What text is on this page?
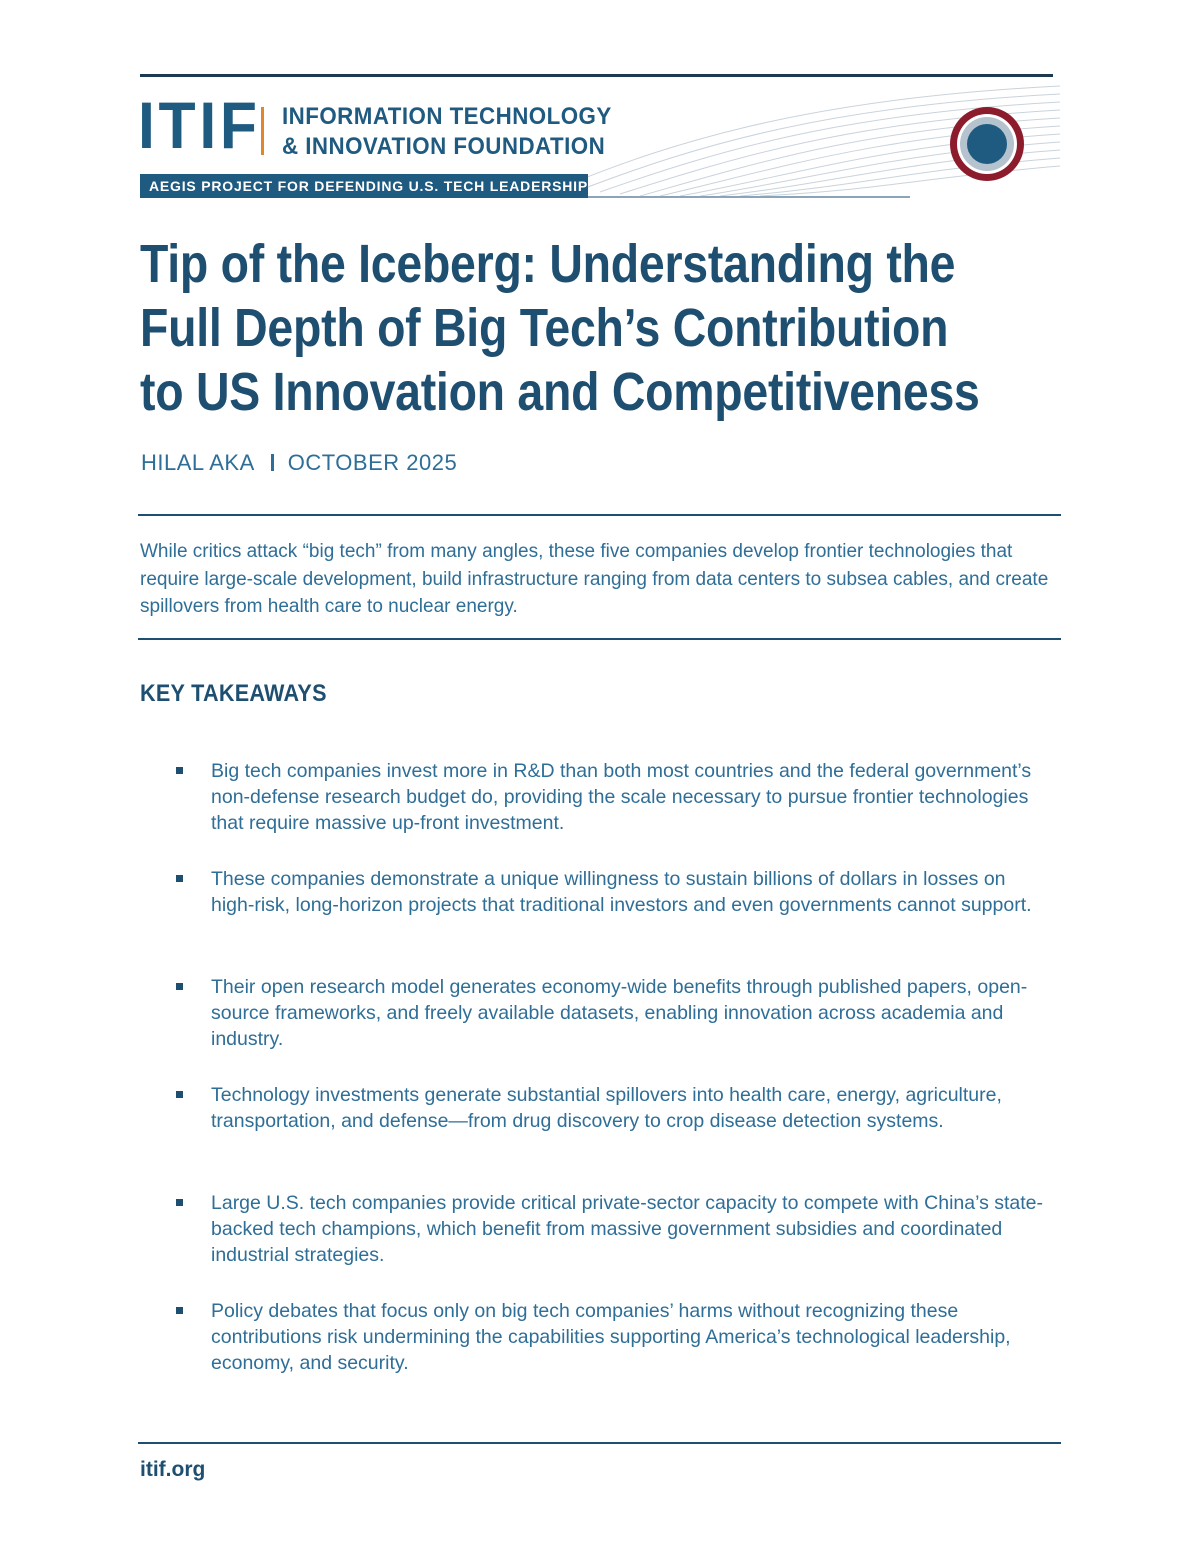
ITIF INFORMATION TECHNOLOGY
& INNOVATION FOUNDATION
AEGIS PROJECT FOR DEFENDING U.S. TECH LEADERSHIP
Tip of the Iceberg: Understanding the Full Depth of Big Tech’s Contribution to US Innovation and Competitiveness
HILAL AKA OCTOBER 2025

While critics attack “big tech” from many angles, these five companies develop frontier technologies that require large-scale development, build infrastructure ranging from data centers to subsea cables, and create spillovers from health care to nuclear energy.

KEY TAKEAWAYS
Big tech companies invest more in R&D than both most countries and the federal government’s non-defense research budget do, providing the scale necessary to pursue frontier technologies that require massive up-front investment.
These companies demonstrate a unique willingness to sustain billions of dollars in losses on high-risk, long-horizon projects that traditional investors and even governments cannot support.
Their open research model generates economy-wide benefits through published papers, open-source frameworks, and freely available datasets, enabling innovation across academia and industry.
Technology investments generate substantial spillovers into health care, energy, agriculture, transportation, and defense—from drug discovery to crop disease detection systems.
Large U.S. tech companies provide critical private-sector capacity to compete with China’s state-backed tech champions, which benefit from massive government subsidies and coordinated industrial strategies.
Policy debates that focus only on big tech companies’ harms without recognizing these contributions risk undermining the capabilities supporting America’s technological leadership, economy, and security.
itif.org
